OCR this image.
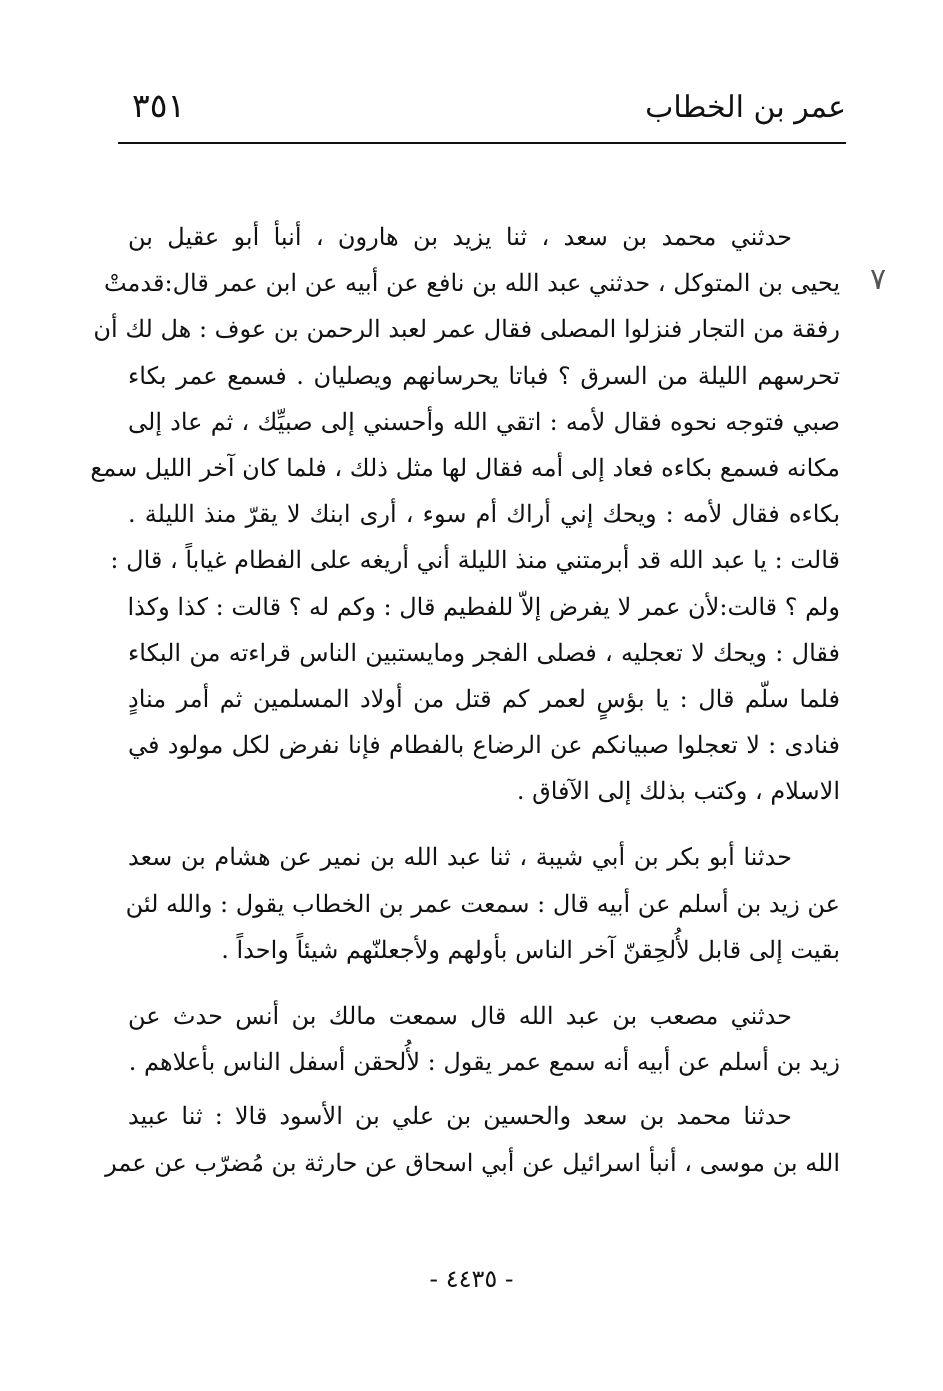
٣٥١	عمر بن الخطاب
٧
حدثني محمد بن سعد ، ثنا يزيد بن هارون ، أنبأ أبو عقيل بن
يحيى بن المتوكل ، حدثني عبد الله بن نافع عن أبيه عن ابن عمر قال:قدمتْ
رفقة من التجار فنزلوا المصلى فقال عمر لعبد الرحمن بن عوف : هل لك أن
تحرسهم الليلة من السرق ؟ فباتا يحرسانهم ويصليان . فسمع عمر بكاء
صبي فتوجه نحوه فقال لأمه : اتقي الله وأحسني إلى صبيِّك ، ثم عاد إلى
مكانه فسمع بكاءه فعاد إلى أمه فقال لها مثل ذلك ، فلما كان آخر الليل سمع
بكاءه فقال لأمه : ويحك إني أراك أم سوء ، أرى ابنك لا يقرّ منذ الليلة .
قالت : يا عبد الله قد أبرمتني منذ الليلة أني أريغه على الفطام غياباً ، قال :
ولم ؟ قالت:لأن عمر لا يفرض إلاّ للفطيم قال : وكم له ؟ قالت : كذا وكذا
فقال : ويحك لا تعجليه ، فصلى الفجر ومايستبين الناس قراءته من البكاء
فلما سلّم قال : يا بؤسٍ لعمر كم قتل من أولاد المسلمين ثم أمر منادٍ
فنادى : لا تعجلوا صبيانكم عن الرضاع بالفطام فإنا نفرض لكل مولود في
الاسلام ، وكتب بذلك إلى الآفاق .
حدثنا أبو بكر بن أبي شيبة ، ثنا عبد الله بن نمير عن هشام بن سعد
عن زيد بن أسلم عن أبيه قال : سمعت عمر بن الخطاب يقول : والله لئن
بقيت إلى قابل لأُلحِقنّ آخر الناس بأولهم ولأجعلنّهم شيئاً واحداً .
حدثني مصعب بن عبد الله قال سمعت مالك بن أنس حدث عن
زيد بن أسلم عن أبيه أنه سمع عمر يقول : لأُلحقن أسفل الناس بأعلاهم .
حدثنا محمد بن سعد والحسين بن علي بن الأسود قالا : ثنا عبيد
الله بن موسى ، أنبأ اسرائيل عن أبي اسحاق عن حارثة بن مُضرّب عن عمر
- ٤٤٣٥ -
